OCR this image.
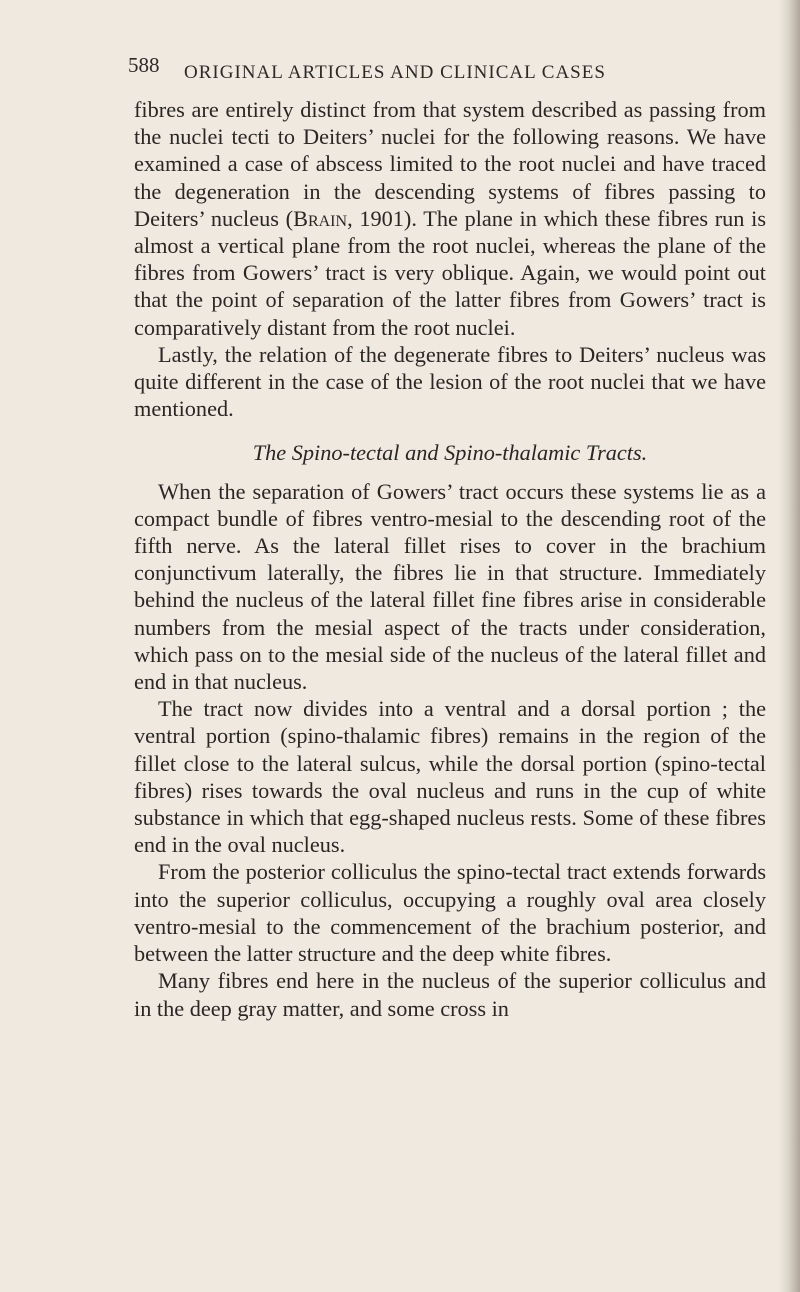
588	ORIGINAL ARTICLES AND CLINICAL CASES

fibres are entirely distinct from that system described as passing from the nuclei tecti to Deiters’ nuclei for the following reasons. We have examined a case of abscess limited to the root nuclei and have traced the degeneration in the descending systems of fibres passing to Deiters’ nucleus (Brain, 1901). The plane in which these fibres run is almost a vertical plane from the root nuclei, whereas the plane of the fibres from Gowers’ tract is very oblique. Again, we would point out that the point of separation of the latter fibres from Gowers’ tract is comparatively distant from the root nuclei.

Lastly, the relation of the degenerate fibres to Deiters’ nucleus was quite different in the case of the lesion of the root nuclei that we have mentioned.

The Spino-tectal and Spino-thalamic Tracts.

When the separation of Gowers’ tract occurs these systems lie as a compact bundle of fibres ventro-mesial to the descending root of the fifth nerve. As the lateral fillet rises to cover in the brachium conjunctivum laterally, the fibres lie in that structure. Immediately behind the nucleus of the lateral fillet fine fibres arise in considerable numbers from the mesial aspect of the tracts under consideration, which pass on to the mesial side of the nucleus of the lateral fillet and end in that nucleus.

The tract now divides into a ventral and a dorsal portion ; the ventral portion (spino-thalamic fibres) remains in the region of the fillet close to the lateral sulcus, while the dorsal portion (spino-tectal fibres) rises towards the oval nucleus and runs in the cup of white substance in which that egg-shaped nucleus rests. Some of these fibres end in the oval nucleus.

From the posterior colliculus the spino-tectal tract extends forwards into the superior colliculus, occupying a roughly oval area closely ventro-mesial to the commencement of the brachium posterior, and between the latter structure and the deep white fibres.

Many fibres end here in the nucleus of the superior colliculus and in the deep gray matter, and some cross in
